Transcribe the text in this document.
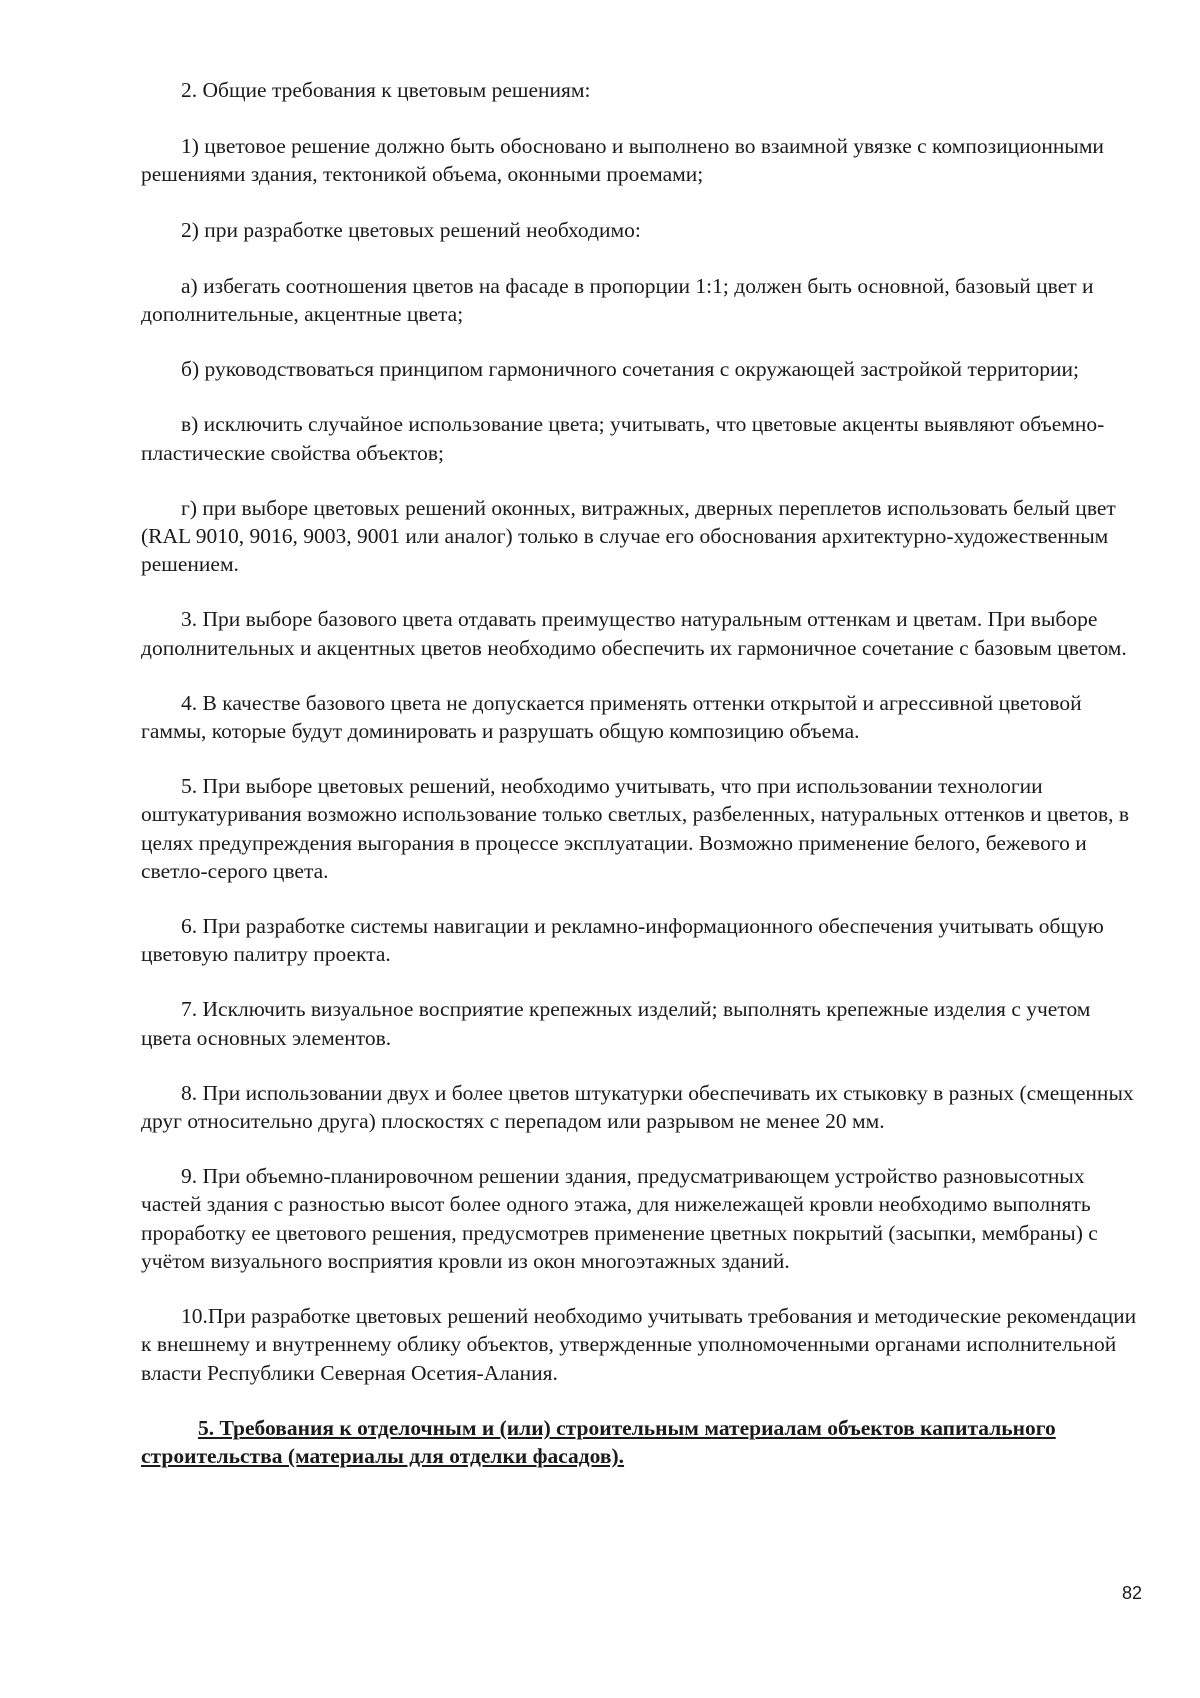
2. Общие требования к цветовым решениям:

1) цветовое решение должно быть обосновано и выполнено во взаимной увязке с композиционными решениями здания, тектоникой объема, оконными проемами;

2) при разработке цветовых решений необходимо:

а) избегать соотношения цветов на фасаде в пропорции 1:1; должен быть основной, базовый цвет и дополнительные, акцентные цвета;

б) руководствоваться принципом гармоничного сочетания с окружающей застройкой территории;

в) исключить случайное использование цвета; учитывать, что цветовые акценты выявляют объемно-пластические свойства объектов;

г) при выборе цветовых решений оконных, витражных, дверных переплетов использовать белый цвет (RAL 9010, 9016, 9003, 9001 или аналог) только в случае его обоснования архитектурно-художественным решением.

3. При выборе базового цвета отдавать преимущество натуральным оттенкам и цветам. При выборе дополнительных и акцентных цветов необходимо обеспечить их гармоничное сочетание с базовым цветом.

4. В качестве базового цвета не допускается применять оттенки открытой и агрессивной цветовой гаммы, которые будут доминировать и разрушать общую композицию объема.

5. При выборе цветовых решений, необходимо учитывать, что при использовании технологии оштукатуривания возможно использование только светлых, разбеленных, натуральных оттенков и цветов, в целях предупреждения выгорания в процессе эксплуатации. Возможно применение белого, бежевого и светло-серого цвета.

6. При разработке системы навигации и рекламно-информационного обеспечения учитывать общую цветовую палитру проекта.

7. Исключить визуальное восприятие крепежных изделий; выполнять крепежные изделия с учетом цвета основных элементов.

8. При использовании двух и более цветов штукатурки обеспечивать их стыковку в разных (смещенных друг относительно друга) плоскостях с перепадом или разрывом не менее 20 мм.

9. При объемно-планировочном решении здания, предусматривающем устройство разновысотных частей здания с разностью высот более одного этажа, для нижележащей кровли необходимо выполнять проработку ее цветового решения, предусмотрев применение цветных покрытий (засыпки, мембраны) с учётом визуального восприятия кровли из окон многоэтажных зданий.

10.При разработке цветовых решений необходимо учитывать требования и методические рекомендации к внешнему и внутреннему облику объектов, утвержденные уполномоченными органами исполнительной власти Республики Северная Осетия-Алания.

5. Требования к отделочным и (или) строительным материалам объектов капитального строительства (материалы для отделки фасадов).

82
